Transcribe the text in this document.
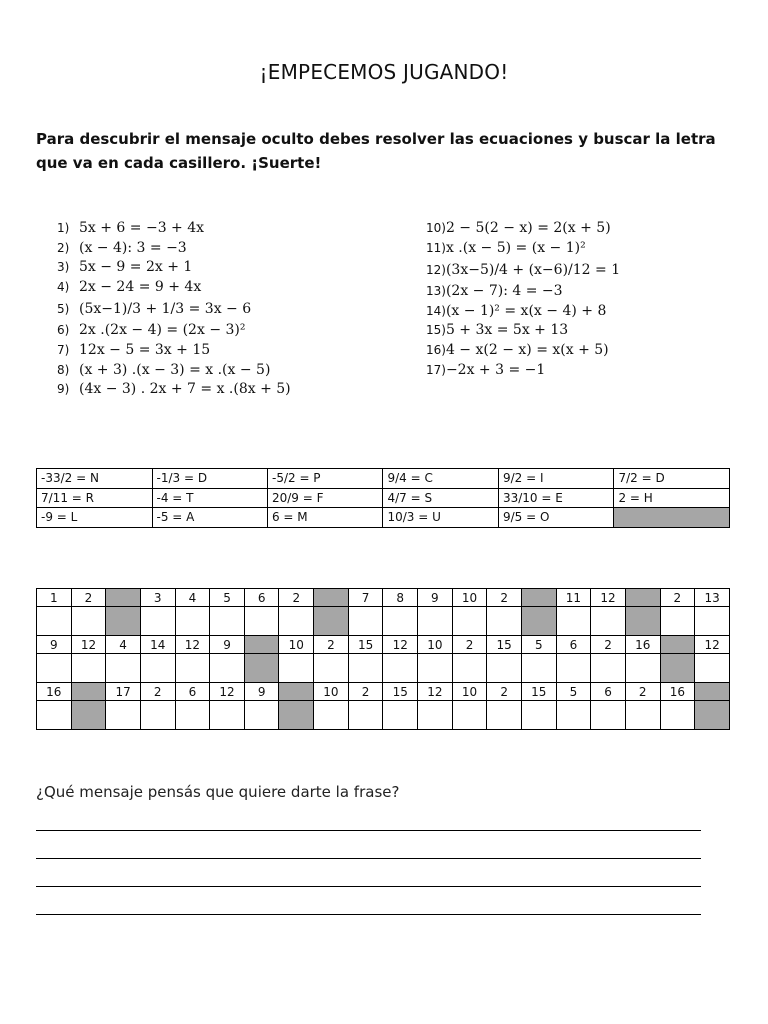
¡EMPECEMOS JUGANDO!
Para descubrir el mensaje oculto debes resolver las ecuaciones y buscar la letra que va en cada casillero. ¡Suerte!
1) 5x + 6 = −3 + 4x
2) (x − 4): 3 = −3
3) 5x − 9 = 2x + 1
4) 2x − 24 = 9 + 4x
5) (5x−1)/3 + 1/3 = 3x − 6
6) 2x .(2x − 4) = (2x − 3)²
7) 12x − 5 = 3x + 15
8) (x + 3) .(x − 3) = x .(x − 5)
9) (4x − 3) . 2x + 7 = x .(8x + 5)
10)2 − 5(2 − x) = 2(x + 5)
11)x .(x − 5) = (x − 1)²
12)(3x−5)/4 + (x−6)/12 = 1
13)(2x − 7): 4 = −3
14)(x − 1)² = x(x − 4) + 8
15)5 + 3x = 5x + 13
16)4 − x(2 − x) = x(x + 5)
17)−2x + 3 = −1
-33/2 = N	-1/3 = D	-5/2 = P	9/4 = C	9/2 = I	7/2 = D
7/11 = R	-4 = T	20/9 = F	4/7 = S	33/10 = E	2 = H
-9 = L	-5 = A	6 = M	10/3 = U	9/5 = O	
1	2		3	4	5	6	2		7	8	9	10	2		11	12		2	13

9	12	4	14	12	9		10	2	15	12	10	2	15	5	6	2	16		12

16		17	2	6	12	9		10	2	15	12	10	2	15	5	6	2	16	

¿Qué mensaje pensás que quiere darte la frase?
